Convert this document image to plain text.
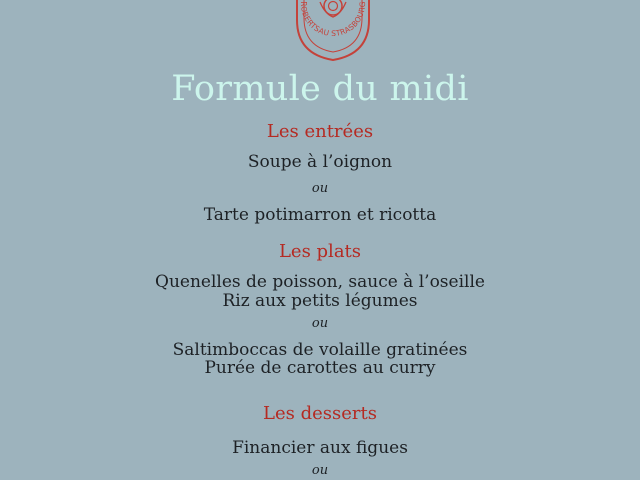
ROBERTSAU STRASBOURG
Formule du midi
Les entrées
Soupe à l’oignon
ou
Tarte potimarron et ricotta
Les plats
Quenelles de poisson, sauce à l’oseille
Riz aux petits légumes
ou
Saltimboccas de volaille gratinées
Purée de carottes au curry
Les desserts
Financier aux figues
ou
